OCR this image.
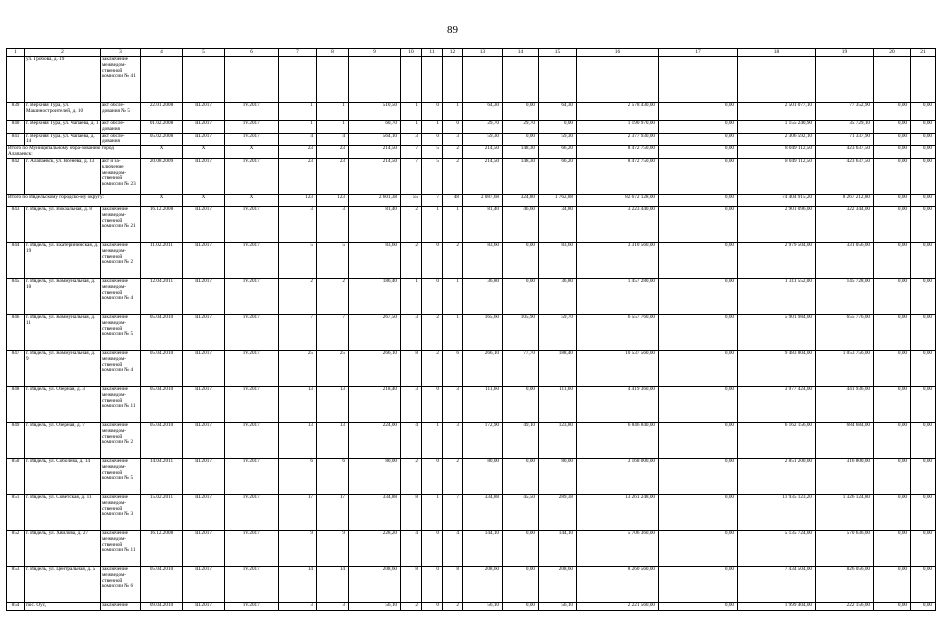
89
1	2	3	4	5	6	7	8	9	10	11	12	13	14	15	16	17	18	19	20	21
	ул. Гробова, д. 19	заключение межведом-ственной комиссии № 41																		
839	г. Верхняя Тура, ул. Машиностроителей, д. 10	акт обсле-дования № 5	22.01.2008	III.2017	IV.2017	1	1	510,50	1	0	1	64,30	0,00	64,30	2 578 430,00	0,00	2 501 077,10	77 352,90	0,00	0,00
840	г. Верхняя Тура, ул. Чапаева, д. 1	акт обсле-дования	01.02.2008	III.2017	IV.2017	1	1	60,70	1	1	0	29,70	29,70	0,00	1 190 970,00	0,00	1 155 240,90	35 729,10	0,00	0,00
841	г. Верхняя Тура, ул. Чапаева, д. 14	акт обсле-дования	05.02.2008	III.2017	IV.2017	4	4	564,10	3	0	3	59,30	0,00	59,30	2 377 930,00	0,00	2 306 592,10	71 337,90	0,00	0,00
Итого по Муниципальному обра-зованию город Алапаевск:			X	X	X	23	23	214,50	7	5	2	214,50	148,30	66,20	8 472 750,00	0,00	8 049 112,50	423 637,50	0,00	0,00
842	г. Алапаевск, ул. Ясенева, д. 13	акт и за-ключение межведом-ственной комиссии № 23	20.08.2009	III.2017	IV.2017	23	23	214,50	7	5	2	214,50	148,30	66,20	8 472 750,00	0,00	8 049 112,50	423 637,50	0,00	0,00
Итого по Ивдельскому городско-му округу:			X	X	X	123	123	2 601,38	55	7	48	2 087,68	324,80	1 762,88	82 672 128,00	0,00	74 404 915,20	8 267 212,80	0,00	0,00
843	г. Ивдель, ул. Вокзальная, д. 8	заключение межведом-ственной комиссии № 21	16.12.2008	III.2017	IV.2017	3	3	81,40	2	1	1	81,40	46,60	34,80	3 223 440,00	0,00	2 901 096,00	322 344,00	0,00	0,00
844	г. Ивдель, ул. Екатерининская, д. 19	заключение межведом-ственной комиссии № 2	11.02.2011	III.2017	IV.2017	5	5	83,60	2	0	2	83,60	0,00	83,60	3 310 560,00	0,00	2 979 504,00	331 056,00	0,00	0,00
845	г. Ивдель, ул. Коммунальная, д. 10	заключение межведом-ственной комиссии № 4	12.04.2011	III.2017	IV.2017	2	2	186,40	1	0	1	36,80	0,00	36,80	1 457 280,00	0,00	1 311 552,00	145 728,00	0,00	0,00
846	г. Ивдель, ул. Коммунальная, д. 11	заключение межведом-ственной комиссии № 5	05.04.2010	III.2017	IV.2017	7	7	267,50	3	2	1	165,60	105,90	59,70	6 557 760,00	0,00	5 901 984,00	655 776,00	0,00	0,00
847	г. Ивдель, ул. Коммунальная, д. 9	заключение межведом-ственной комиссии № 4	05.04.2010	III.2017	IV.2017	25	25	266,10	8	2	6	266,10	77,70	188,40	10 537 560,00	0,00	9 483 804,00	1 053 756,00	0,00	0,00
848	г. Ивдель, ул. Озерная, д. 3	заключение межведом-ственной комиссии № 11	05.04.2010	III.2017	IV.2017	13	13	218,40	3	0	3	111,60	0,00	111,60	4 419 360,00	0,00	3 977 424,00	441 936,00	0,00	0,00
849	г. Ивдель, ул. Озерная, д. 7	заключение межведом-ственной комиссии № 2	05.04.2010	III.2017	IV.2017	13	13	224,00	4	1	3	172,90	49,10	123,80	6 846 840,00	0,00	6 162 156,00	684 684,00	0,00	0,00
850	г. Ивдель, ул. Соболева, д. 14	заключение межведом-ственной комиссии № 5	14.04.2011	III.2017	IV.2017	6	6	80,00	2	0	2	80,00	0,00	80,00	3 168 000,00	0,00	2 851 200,00	316 800,00	0,00	0,00
851	г. Ивдель, ул. Советская, д. 11	заключение межведом-ственной комиссии № 3	15.02.2011	III.2017	IV.2017	17	17	334,88	8	1	7	334,88	45,50	289,38	13 261 248,00	0,00	11 935 123,20	1 326 124,80	0,00	0,00
852	г. Ивдель, ул. Хвилова, д. 27	заключение межведом-ственной комиссии № 11	16.12.2008	III.2017	IV.2017	9	9	228,20	4	0	4	144,10	0,00	144,10	5 706 360,00	0,00	5 135 724,00	570 636,00	0,00	0,00
853	г. Ивдель, ул. Центральная, д. 5	заключение межведом-ственной комиссии № 6	05.04.2010	III.2017	IV.2017	14	14	208,60	8	0	8	208,60	0,00	208,60	8 260 560,00	0,00	7 434 504,00	826 056,00	0,00	0,00
854	пос. Оус,	заключение	09.04.2010	III.2017	IV.2017	3	3	56,10	2	0	2	56,10	0,00	56,10	2 221 560,00	0,00	1 999 404,00	222 156,00	0,00	0,00
